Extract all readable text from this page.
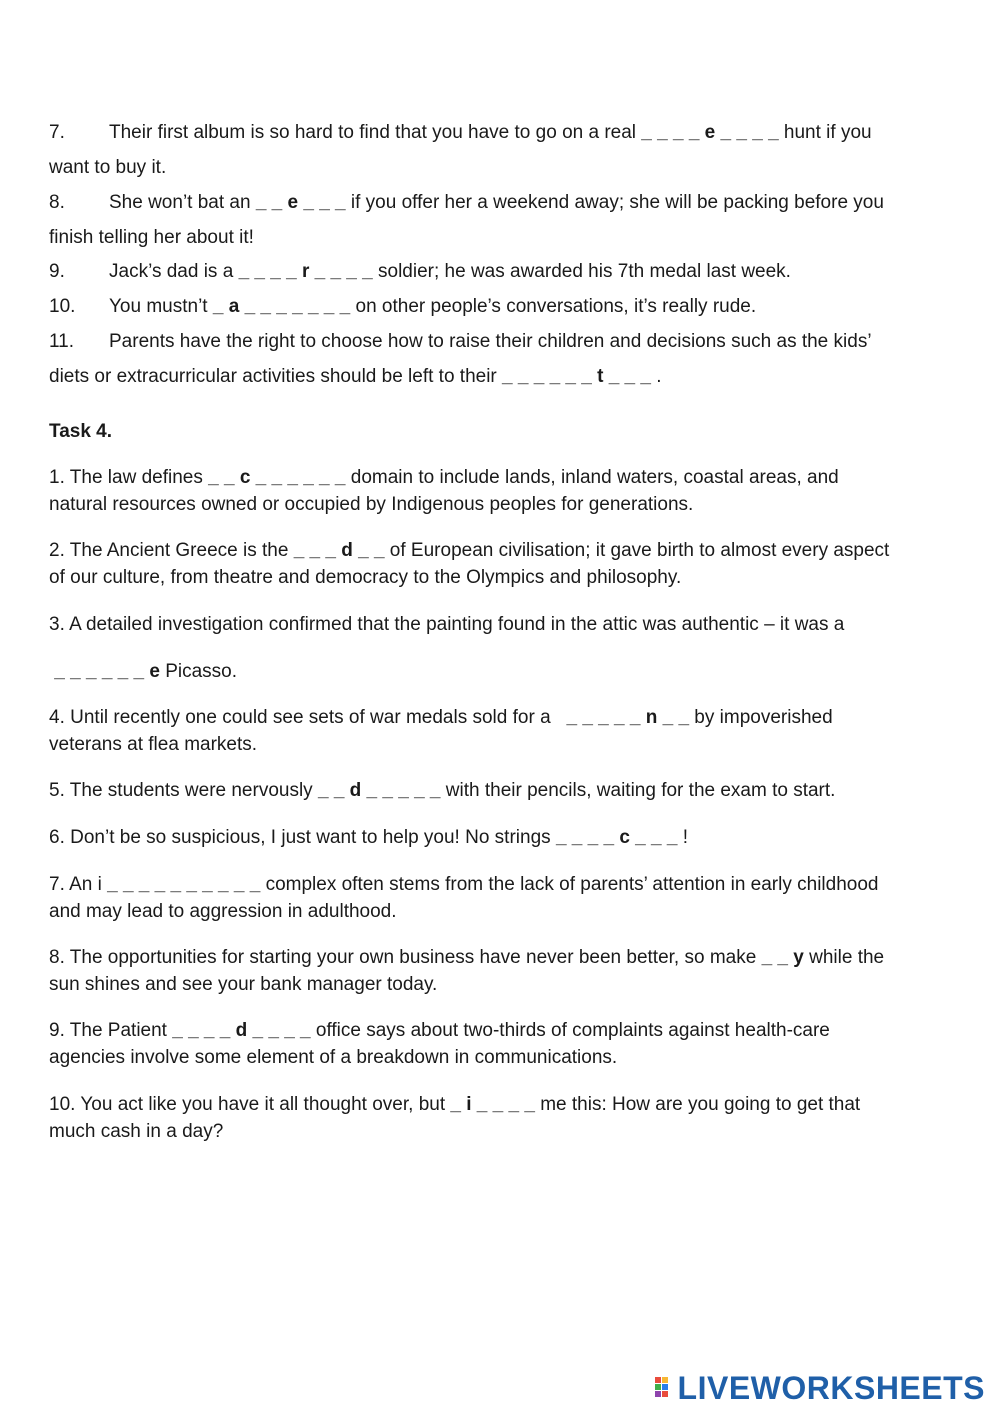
7. Their first album is so hard to find that you have to go on a real _ _ _ _ e _ _ _ _ hunt if you
want to buy it.
8. She won’t bat an _ _ e _ _ _ if you offer her a weekend away; she will be packing before you
finish telling her about it!
9. Jack’s dad is a _ _ _ _ r _ _ _ _ soldier; he was awarded his 7th medal last week.
10. You mustn’t _ a _ _ _ _ _ _ _ on other people’s conversations, it’s really rude.
11. Parents have the right to choose how to raise their children and decisions such as the kids’
diets or extracurricular activities should be left to their _ _ _ _ _ _ t _ _ _ .
Task 4.
1. The law defines _ _ c _ _ _ _ _ _ domain to include lands, inland waters, coastal areas, and
natural resources owned or occupied by Indigenous peoples for generations.
2. The Ancient Greece is the _ _ _ d _ _ of European civilisation; it gave birth to almost every aspect
of our culture, from theatre and democracy to the Olympics and philosophy.
3. A detailed investigation confirmed that the painting found in the attic was authentic – it was a
_ _ _ _ _ _ e Picasso.
4. Until recently one could see sets of war medals sold for a   _ _ _ _ _ n _ _ by impoverished
veterans at flea markets.
5. The students were nervously _ _ d _ _ _ _ _ with their pencils, waiting for the exam to start.
6. Don’t be so suspicious, I just want to help you! No strings _ _ _ _ c _ _ _ !
7. An i _ _ _ _ _ _ _ _ _ _ complex often stems from the lack of parents’ attention in early childhood
and may lead to aggression in adulthood.
8. The opportunities for starting your own business have never been better, so make _ _ y while the
sun shines and see your bank manager today.
9. The Patient _ _ _ _ d _ _ _ _ office says about two-thirds of complaints against health-care
agencies involve some element of a breakdown in communications.
10. You act like you have it all thought over, but _ i _ _ _ _ me this: How are you going to get that
much cash in a day?
LIVEWORKSHEETS
